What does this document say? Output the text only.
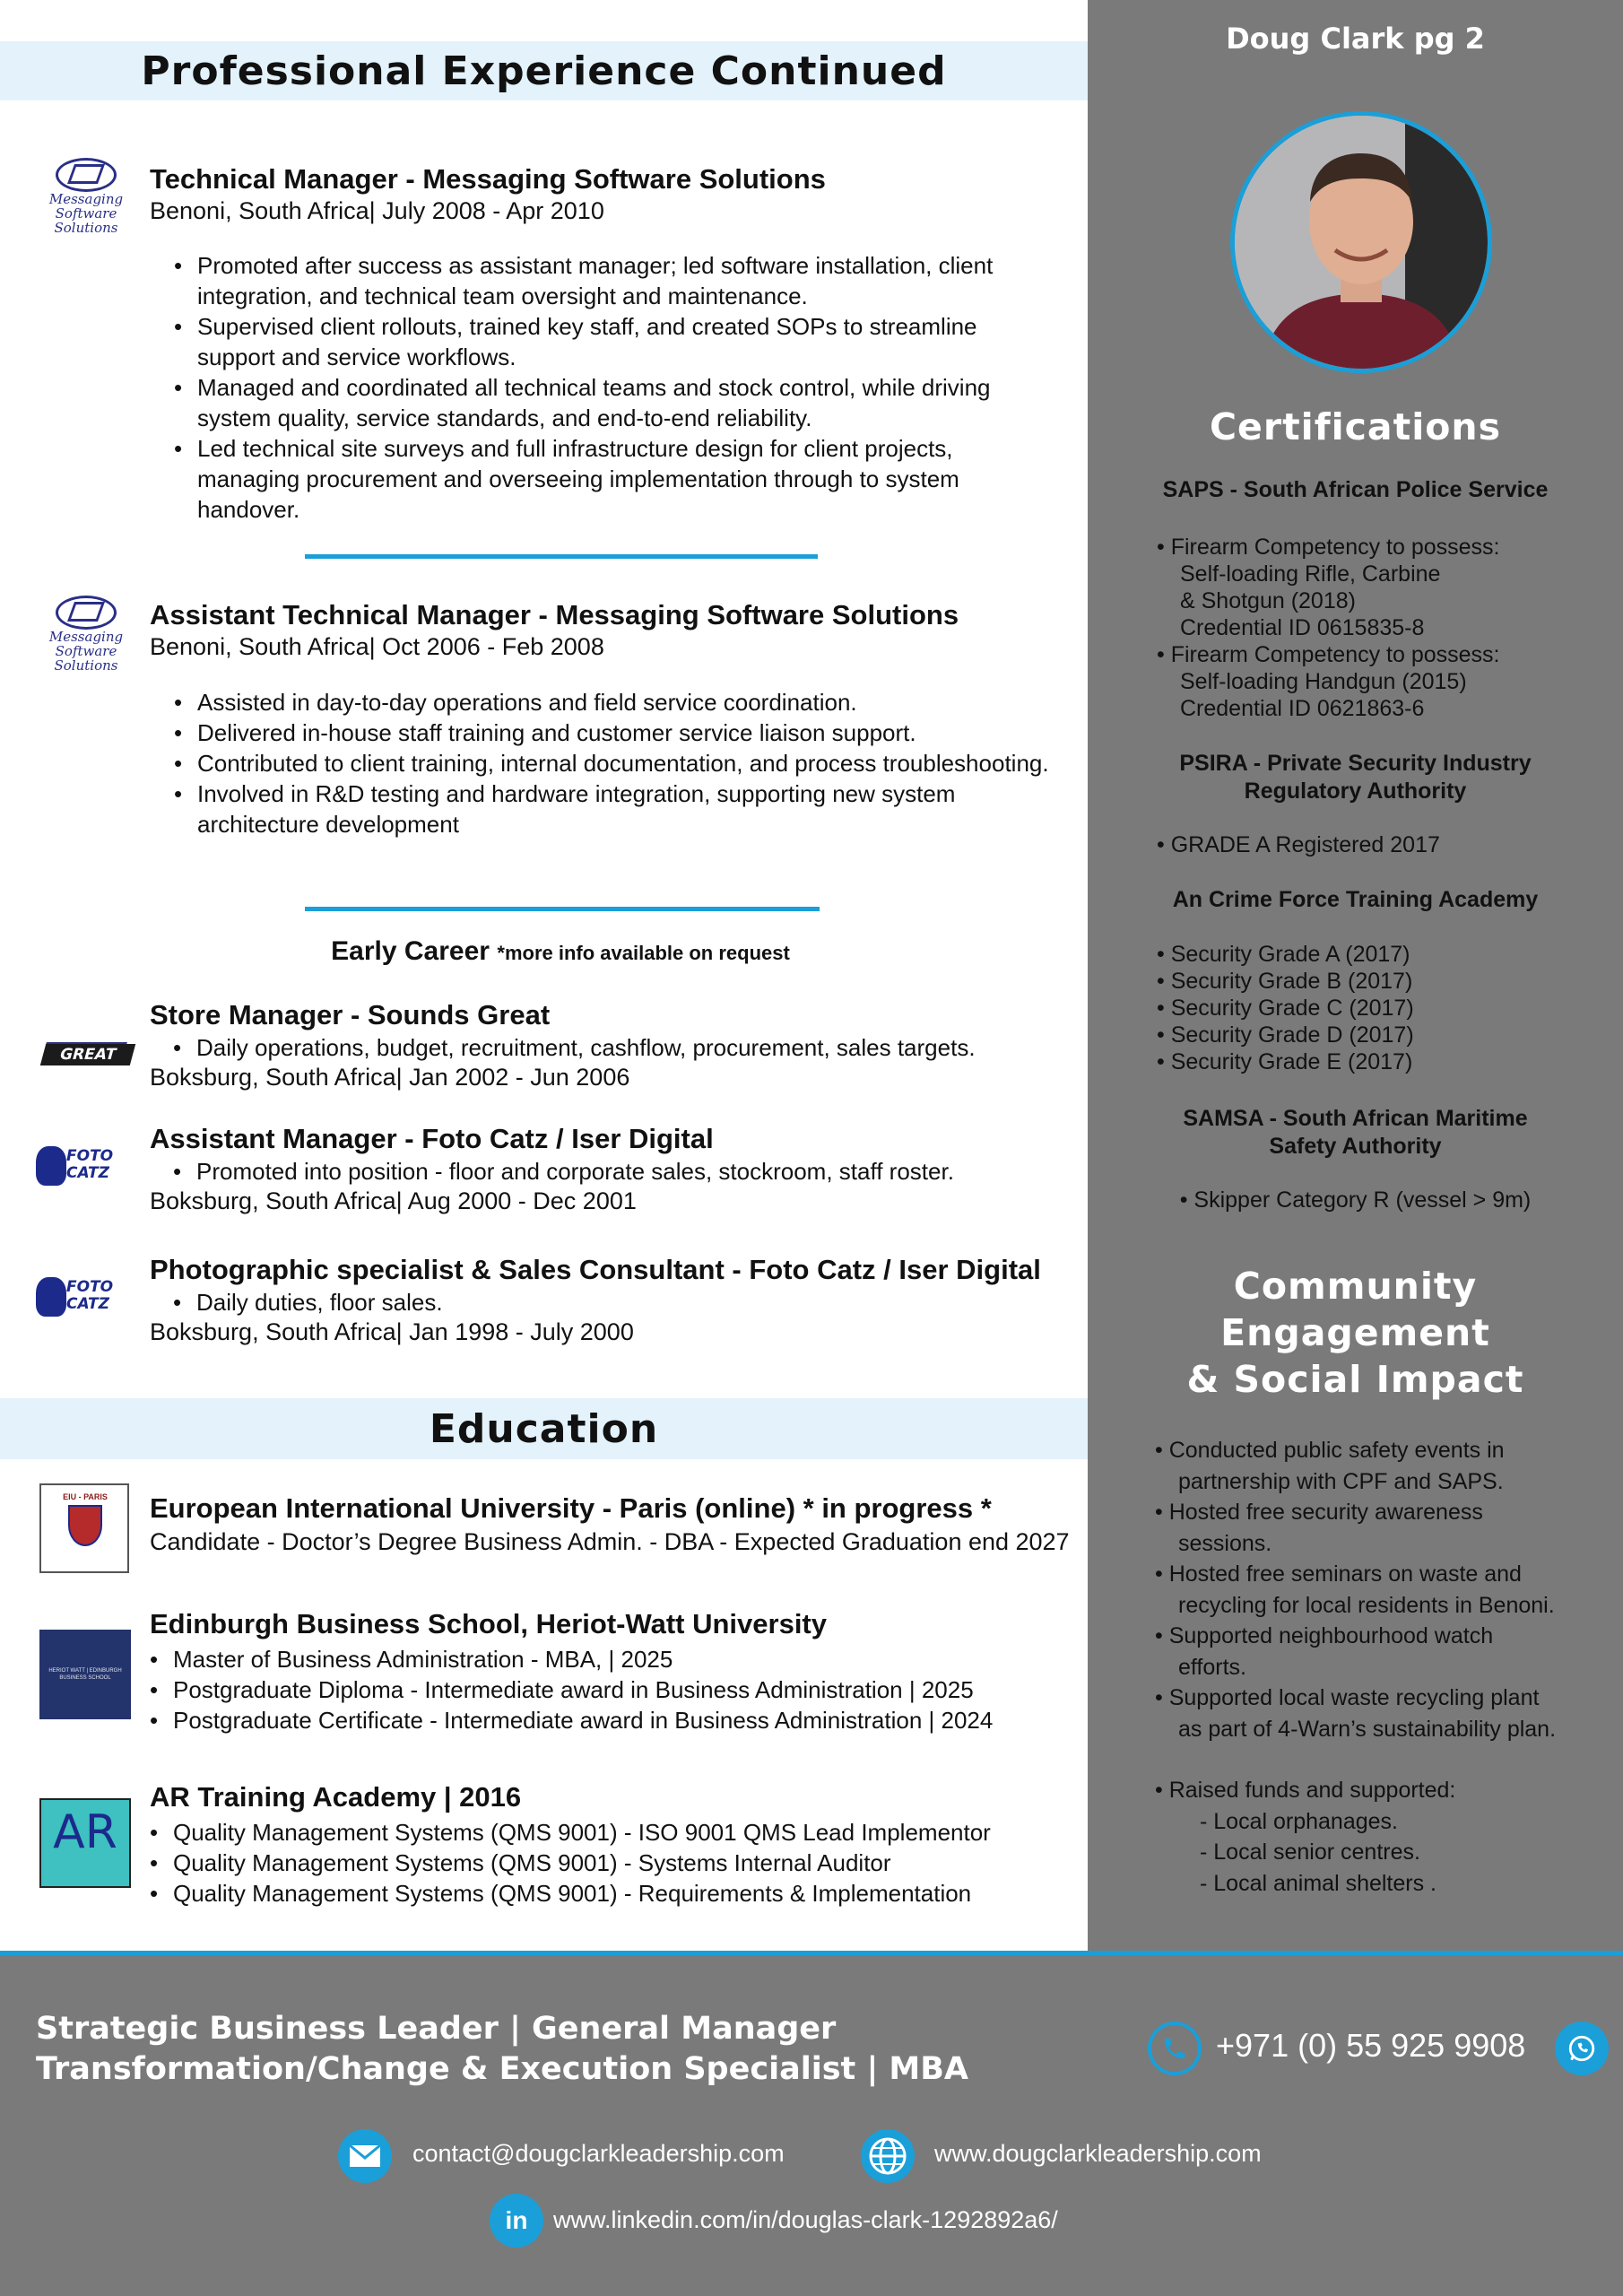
Professional Experience Continued
Messaging Software Solutions
Technical Manager - Messaging Software Solutions
Benoni, South Africa| July 2008 - Apr 2010
• Promoted after success as assistant manager; led software installation, client integration, and technical team oversight and maintenance.
• Supervised client rollouts, trained key staff, and created SOPs to streamline support and service workflows.
• Managed and coordinated all technical teams and stock control, while driving system quality, service standards, and end-to-end reliability.
• Led technical site surveys and full infrastructure design for client projects, managing procurement and overseeing implementation through to system handover.
Messaging Software Solutions
Assistant Technical Manager - Messaging Software Solutions
Benoni, South Africa| Oct 2006 - Feb 2008
• Assisted in day-to-day operations and field service coordination.
• Delivered in-house staff training and customer service liaison support.
• Contributed to client training, internal documentation, and process troubleshooting.
• Involved in R&D testing and hardware integration, supporting new system architecture development
Early Career *more info available on request
GREAT
Store Manager - Sounds Great
• Daily operations, budget, recruitment, cashflow, procurement, sales targets.
Boksburg, South Africa| Jan 2002 - Jun 2006
FOTO CATZ
Assistant Manager - Foto Catz / Iser Digital
• Promoted into position - floor and corporate sales, stockroom, staff roster.
Boksburg, South Africa| Aug 2000 - Dec 2001
FOTO CATZ
Photographic specialist & Sales Consultant - Foto Catz / Iser Digital
• Daily duties, floor sales.
Boksburg, South Africa| Jan 1998 - July 2000
Education
EIU - PARIS European International University - Paris (online) * in progress *
Candidate - Doctor’s Degree Business Admin. - DBA - Expected Graduation end 2027
HERIOT WATT | EDINBURGH BUSINESS SCHOOL
Edinburgh Business School, Heriot-Watt University
• Master of Business Administration - MBA, | 2025
• Postgraduate Diploma - Intermediate award in Business Administration | 2025
• Postgraduate Certificate - Intermediate award in Business Administration | 2024
AR
AR Training Academy | 2016
• Quality Management Systems (QMS 9001) - ISO 9001 QMS Lead Implementor
• Quality Management Systems (QMS 9001) - Systems Internal Auditor
• Quality Management Systems (QMS 9001) - Requirements & Implementation
Doug Clark pg 2
Certifications
SAPS - South African Police Service
• Firearm Competency to possess:
Self-loading Rifle, Carbine
& Shotgun (2018)
Credential ID 0615835-8
• Firearm Competency to possess:
Self-loading Handgun (2015)
Credential ID 0621863-6
PSIRA - Private Security Industry
Regulatory Authority
• GRADE A Registered 2017
An Crime Force Training Academy
• Security Grade A (2017)
• Security Grade B (2017)
• Security Grade C (2017)
• Security Grade D (2017)
• Security Grade E (2017)
SAMSA - South African Maritime
Safety Authority
• Skipper Category R (vessel > 9m)
Community
Engagement
& Social Impact
• Conducted public safety events in
partnership with CPF and SAPS.
• Hosted free security awareness
sessions.
• Hosted free seminars on waste and
recycling for local residents in Benoni.
• Supported neighbourhood watch
efforts.
• Supported local waste recycling plant
as part of 4-Warn’s sustainability plan.
• Raised funds and supported:
- Local orphanages.
- Local senior centres.
- Local animal shelters .
Strategic Business Leader | General Manager
Transformation/Change & Execution Specialist | MBA
+971 (0) 55 925 9908
contact@dougclarkleadership.com	www.dougclarkleadership.com
in	www.linkedin.com/in/douglas-clark-1292892a6/
